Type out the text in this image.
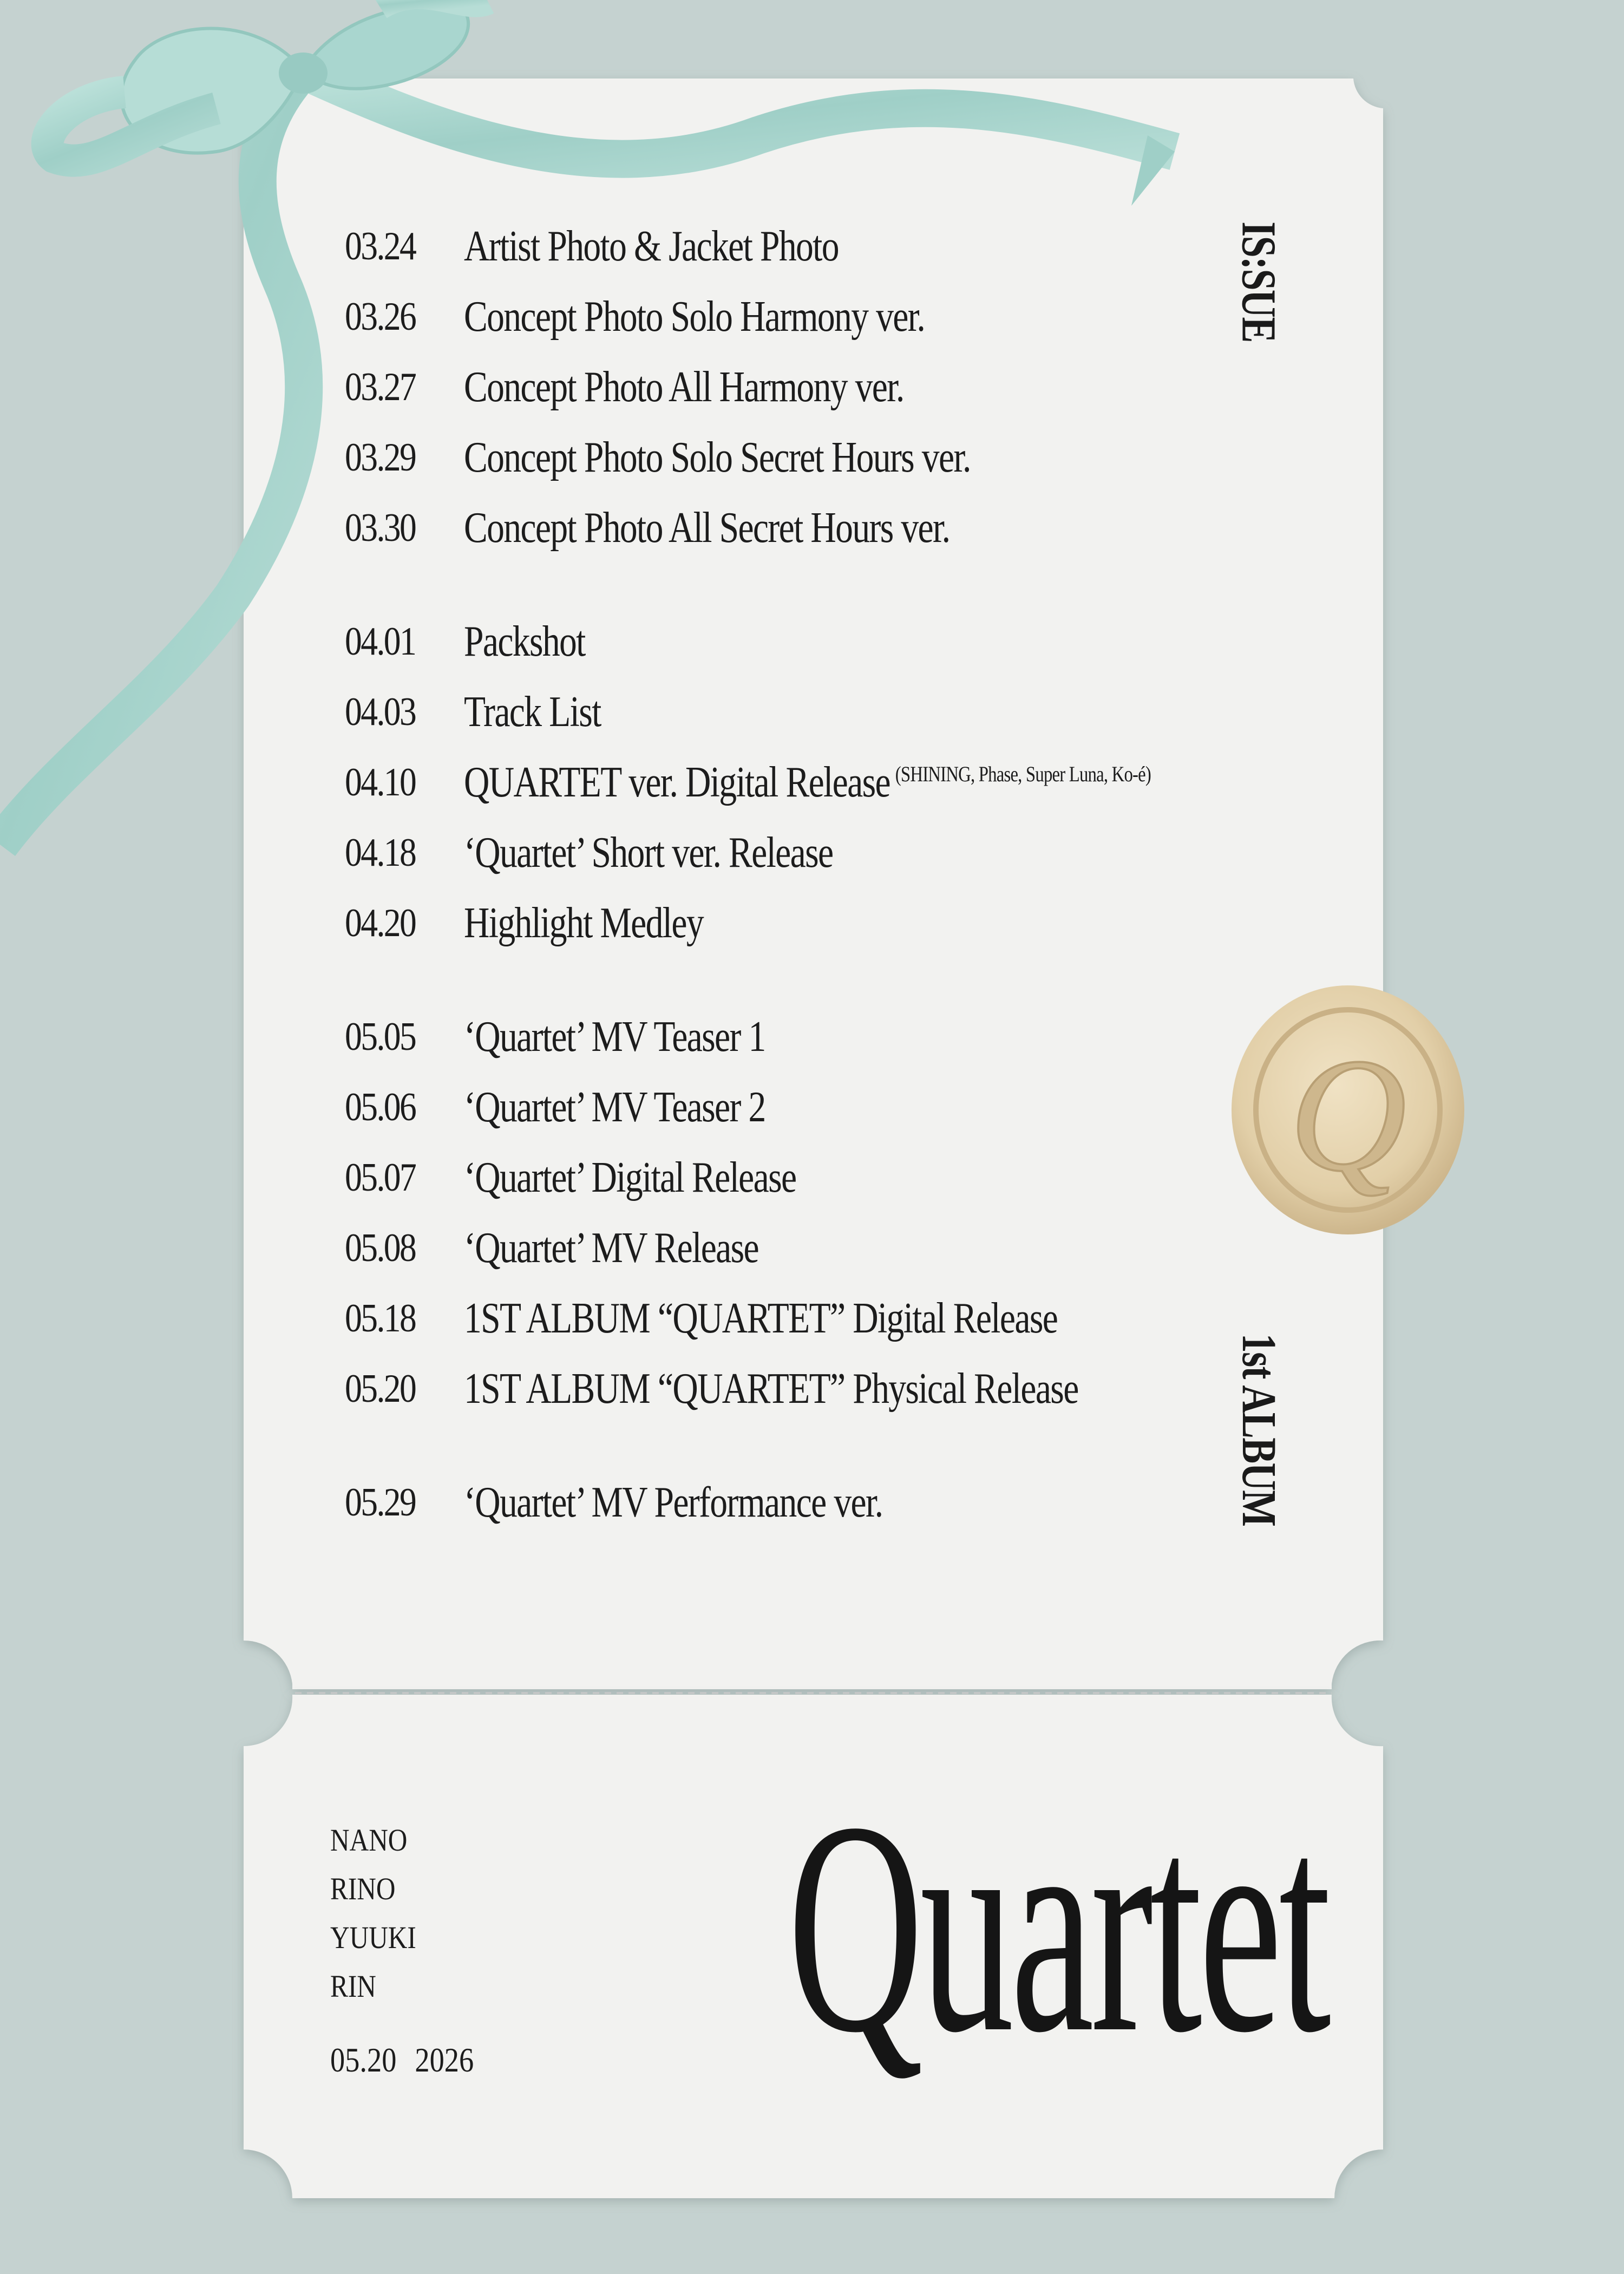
Q
03.24	Artist Photo & Jacket Photo
03.26	Concept Photo Solo Harmony ver.
03.27	Concept Photo All Harmony ver.
03.29	Concept Photo Solo Secret Hours ver.
03.30	Concept Photo All Secret Hours ver.
04.01	Packshot
04.03	Track List
04.10	QUARTET ver. Digital Release $^{(SHINING, Phase, Super Luna, Ko-é)}$
04.18	‘Quartet’ Short ver. Release
04.20	Highlight Medley
05.05	‘Quartet’ MV Teaser 1
05.06	‘Quartet’ MV Teaser 2
05.07	‘Quartet’ Digital Release
05.08	‘Quartet’ MV Release
05.18	1ST ALBUM “QUARTET” Digital Release
05.20	1ST ALBUM “QUARTET” Physical Release
05.29	‘Quartet’ MV Performance ver.
IS:SUE
1st ALBUM
NANO
RINO
YUUKI
RIN
05.20 2026 Quartet
